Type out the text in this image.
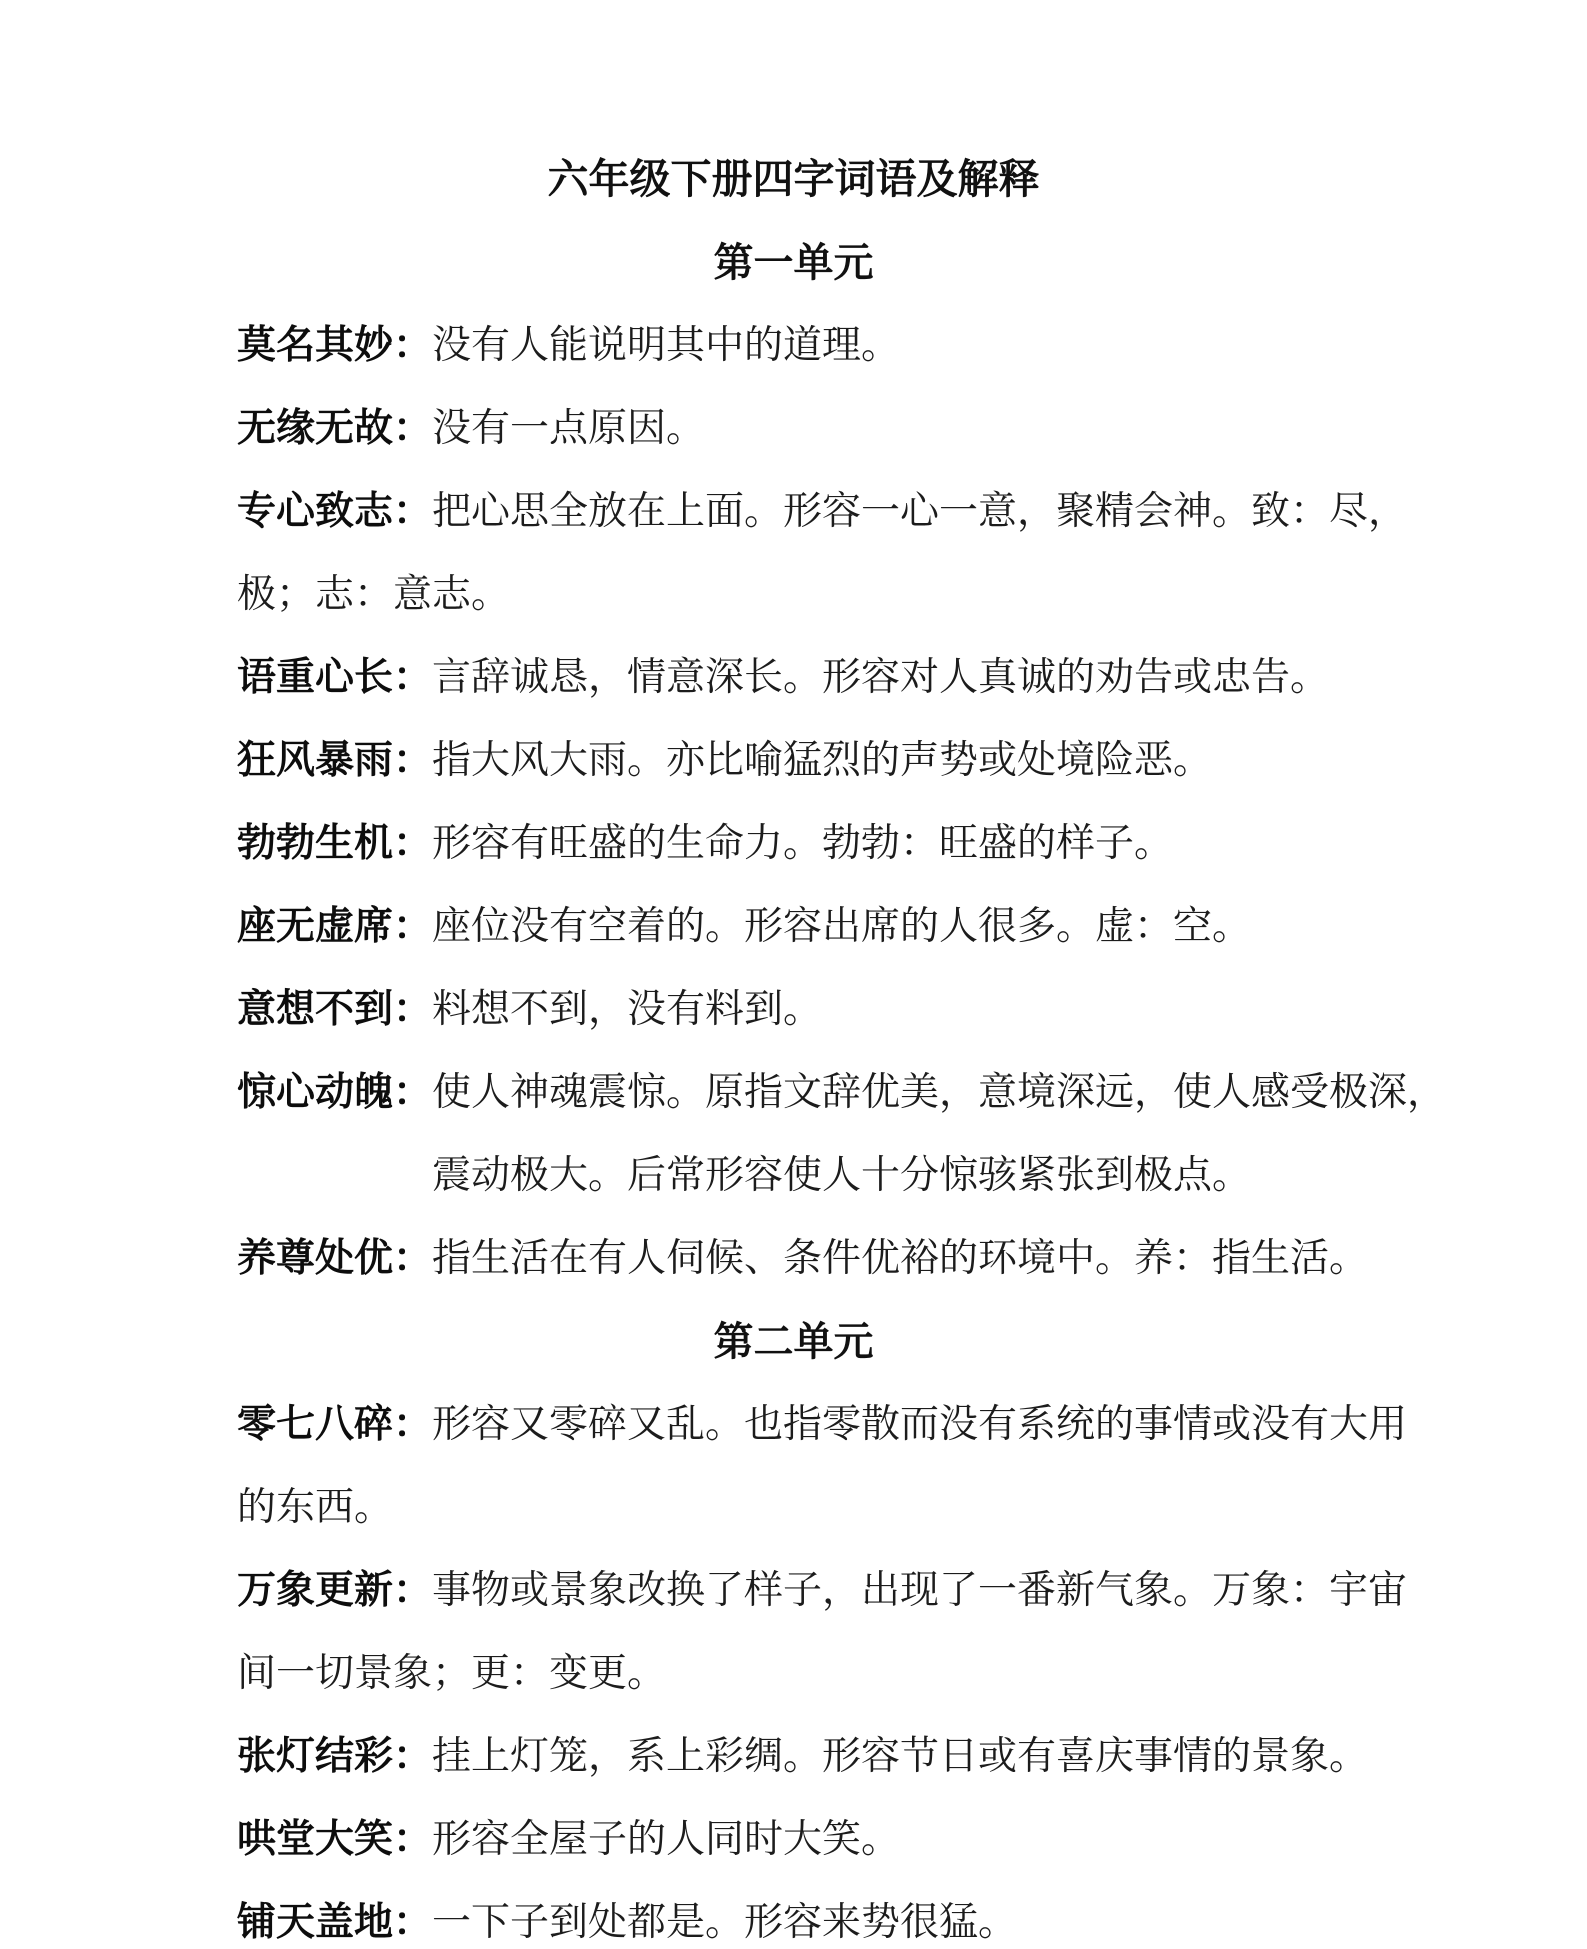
六年级下册四字词语及解释
第一单元
莫名其妙：没有人能说明其中的道理。
无缘无故：没有一点原因。
专心致志：把心思全放在上面。形容一心一意，聚精会神。致：尽，
极；志：意志。
语重心长：言辞诚恳，情意深长。形容对人真诚的劝告或忠告。
狂风暴雨：指大风大雨。亦比喻猛烈的声势或处境险恶。
勃勃生机：形容有旺盛的生命力。勃勃：旺盛的样子。
座无虚席：座位没有空着的。形容出席的人很多。虚：空。
意想不到：料想不到，没有料到。
惊心动魄：使人神魂震惊。原指文辞优美，意境深远，使人感受极深，
震动极大。后常形容使人十分惊骇紧张到极点。
养尊处优：指生活在有人伺候、条件优裕的环境中。养：指生活。
第二单元
零七八碎：形容又零碎又乱。也指零散而没有系统的事情或没有大用
的东西。
万象更新：事物或景象改换了样子，出现了一番新气象。万象：宇宙
间一切景象；更：变更。
张灯结彩：挂上灯笼，系上彩绸。形容节日或有喜庆事情的景象。
哄堂大笑：形容全屋子的人同时大笑。
铺天盖地：一下子到处都是。形容来势很猛。
